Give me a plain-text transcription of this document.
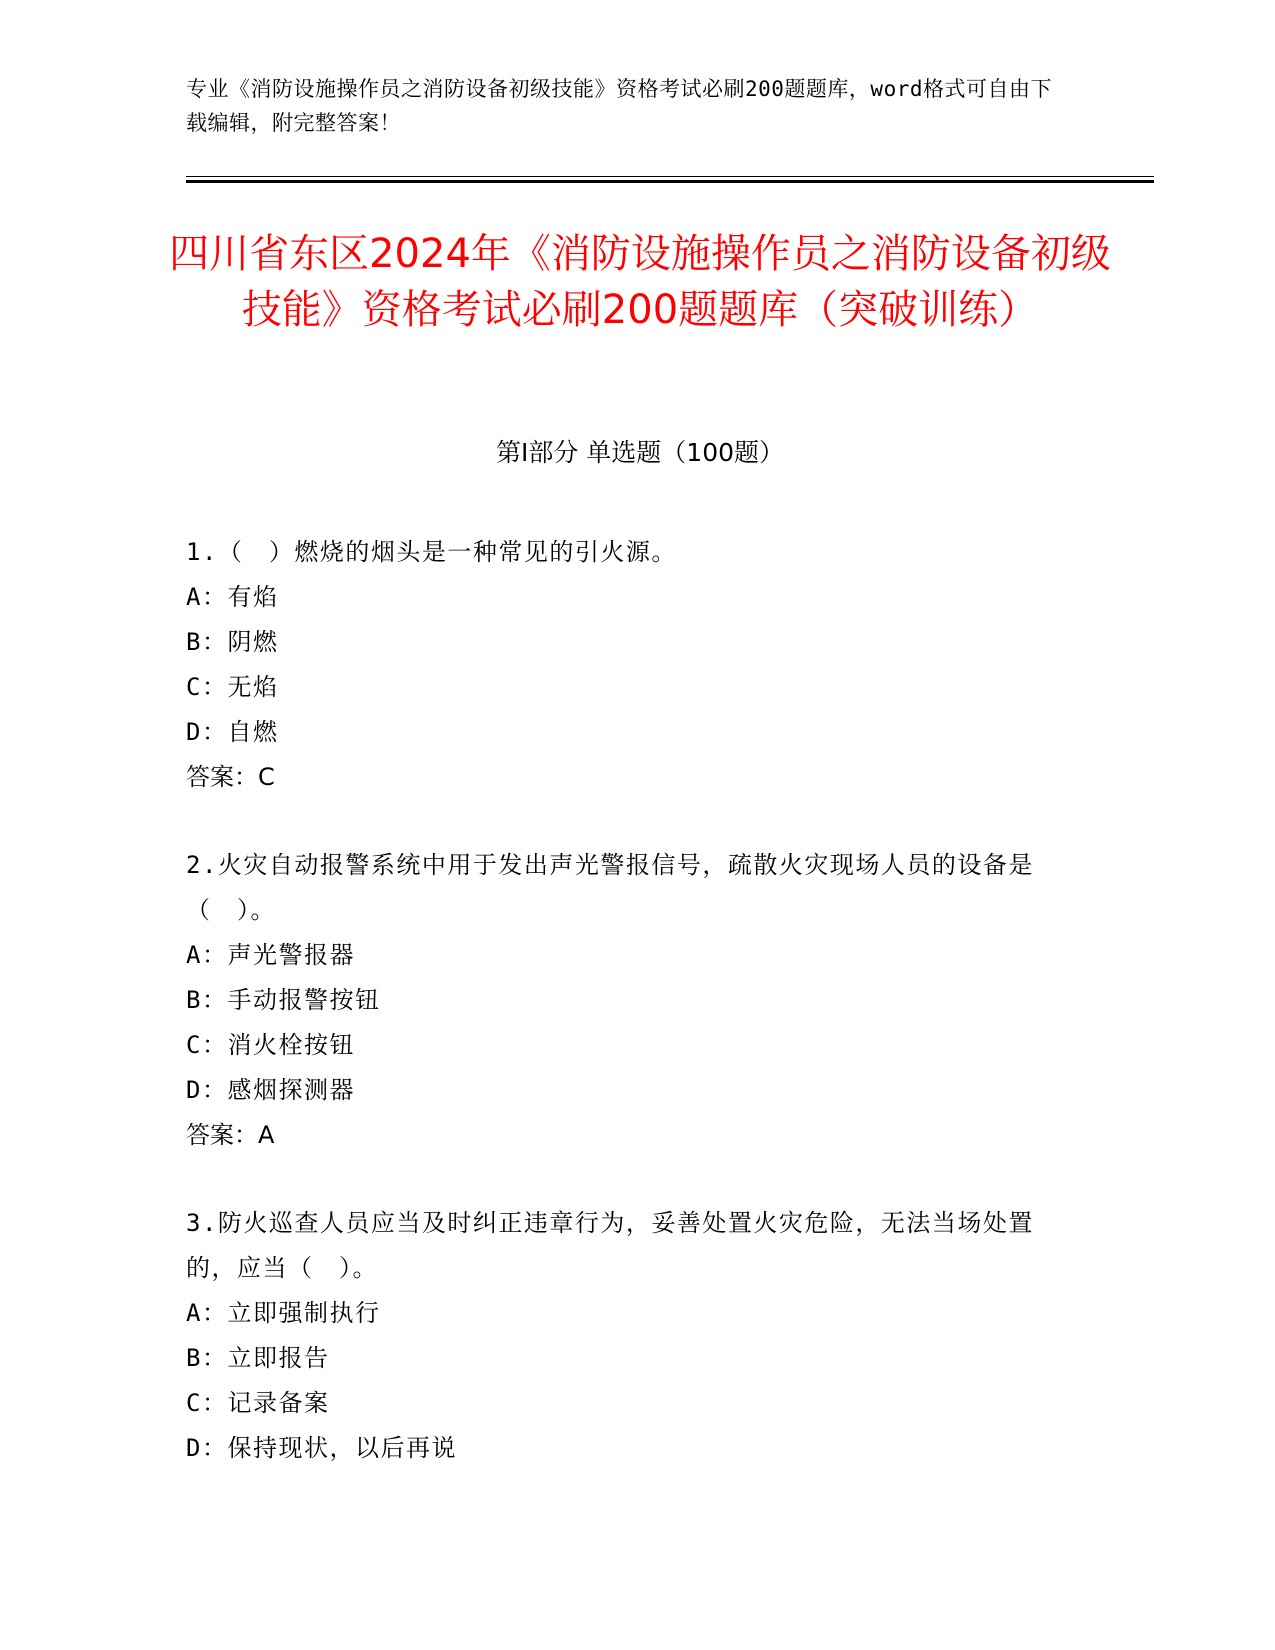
专业《消防设施操作员之消防设备初级技能》资格考试必刷200题题库，word格式可自由下载编辑，附完整答案！
四川省东区2024年《消防设施操作员之消防设备初级技能》资格考试必刷200题题库（突破训练）
第Ⅰ部分 单选题（100题）

1.（　）燃烧的烟头是一种常见的引火源。

A：有焰

B：阴燃

C：无焰

D：自燃

答案：C

2.火灾自动报警系统中用于发出声光警报信号，疏散火灾现场人员的设备是（　）。

A：声光警报器

B：手动报警按钮

C：消火栓按钮

D：感烟探测器

答案：A

3.防火巡查人员应当及时纠正违章行为，妥善处置火灾危险，无法当场处置的，应当（　）。

A：立即强制执行

B：立即报告

C：记录备案

D：保持现状，以后再说
